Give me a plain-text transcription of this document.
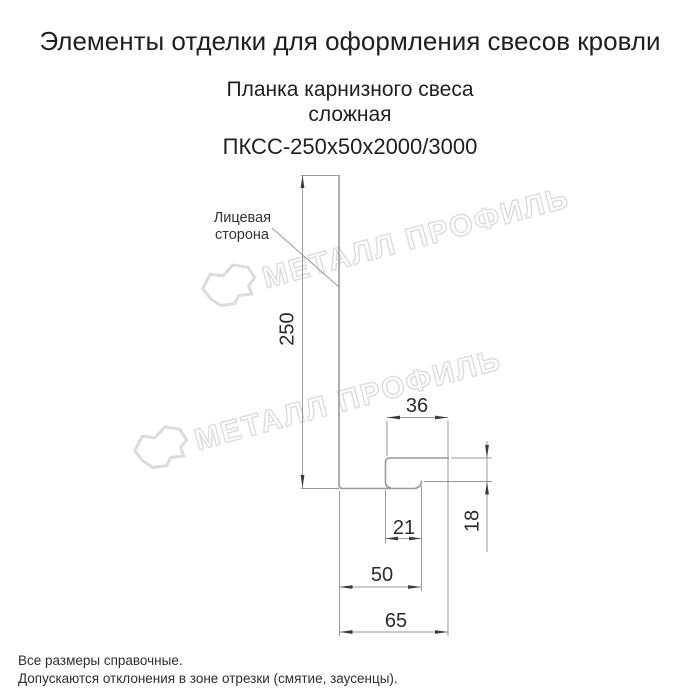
Элементы отделки для оформления свесов кровли
Планка карнизного свеса
сложная
ПКСС-250х50х2000/3000
250
36
18
21
50
65
Лицевая
сторона
Все размеры справочные.
Допускаются отклонения в зоне отрезки (смятие, заусенцы).
